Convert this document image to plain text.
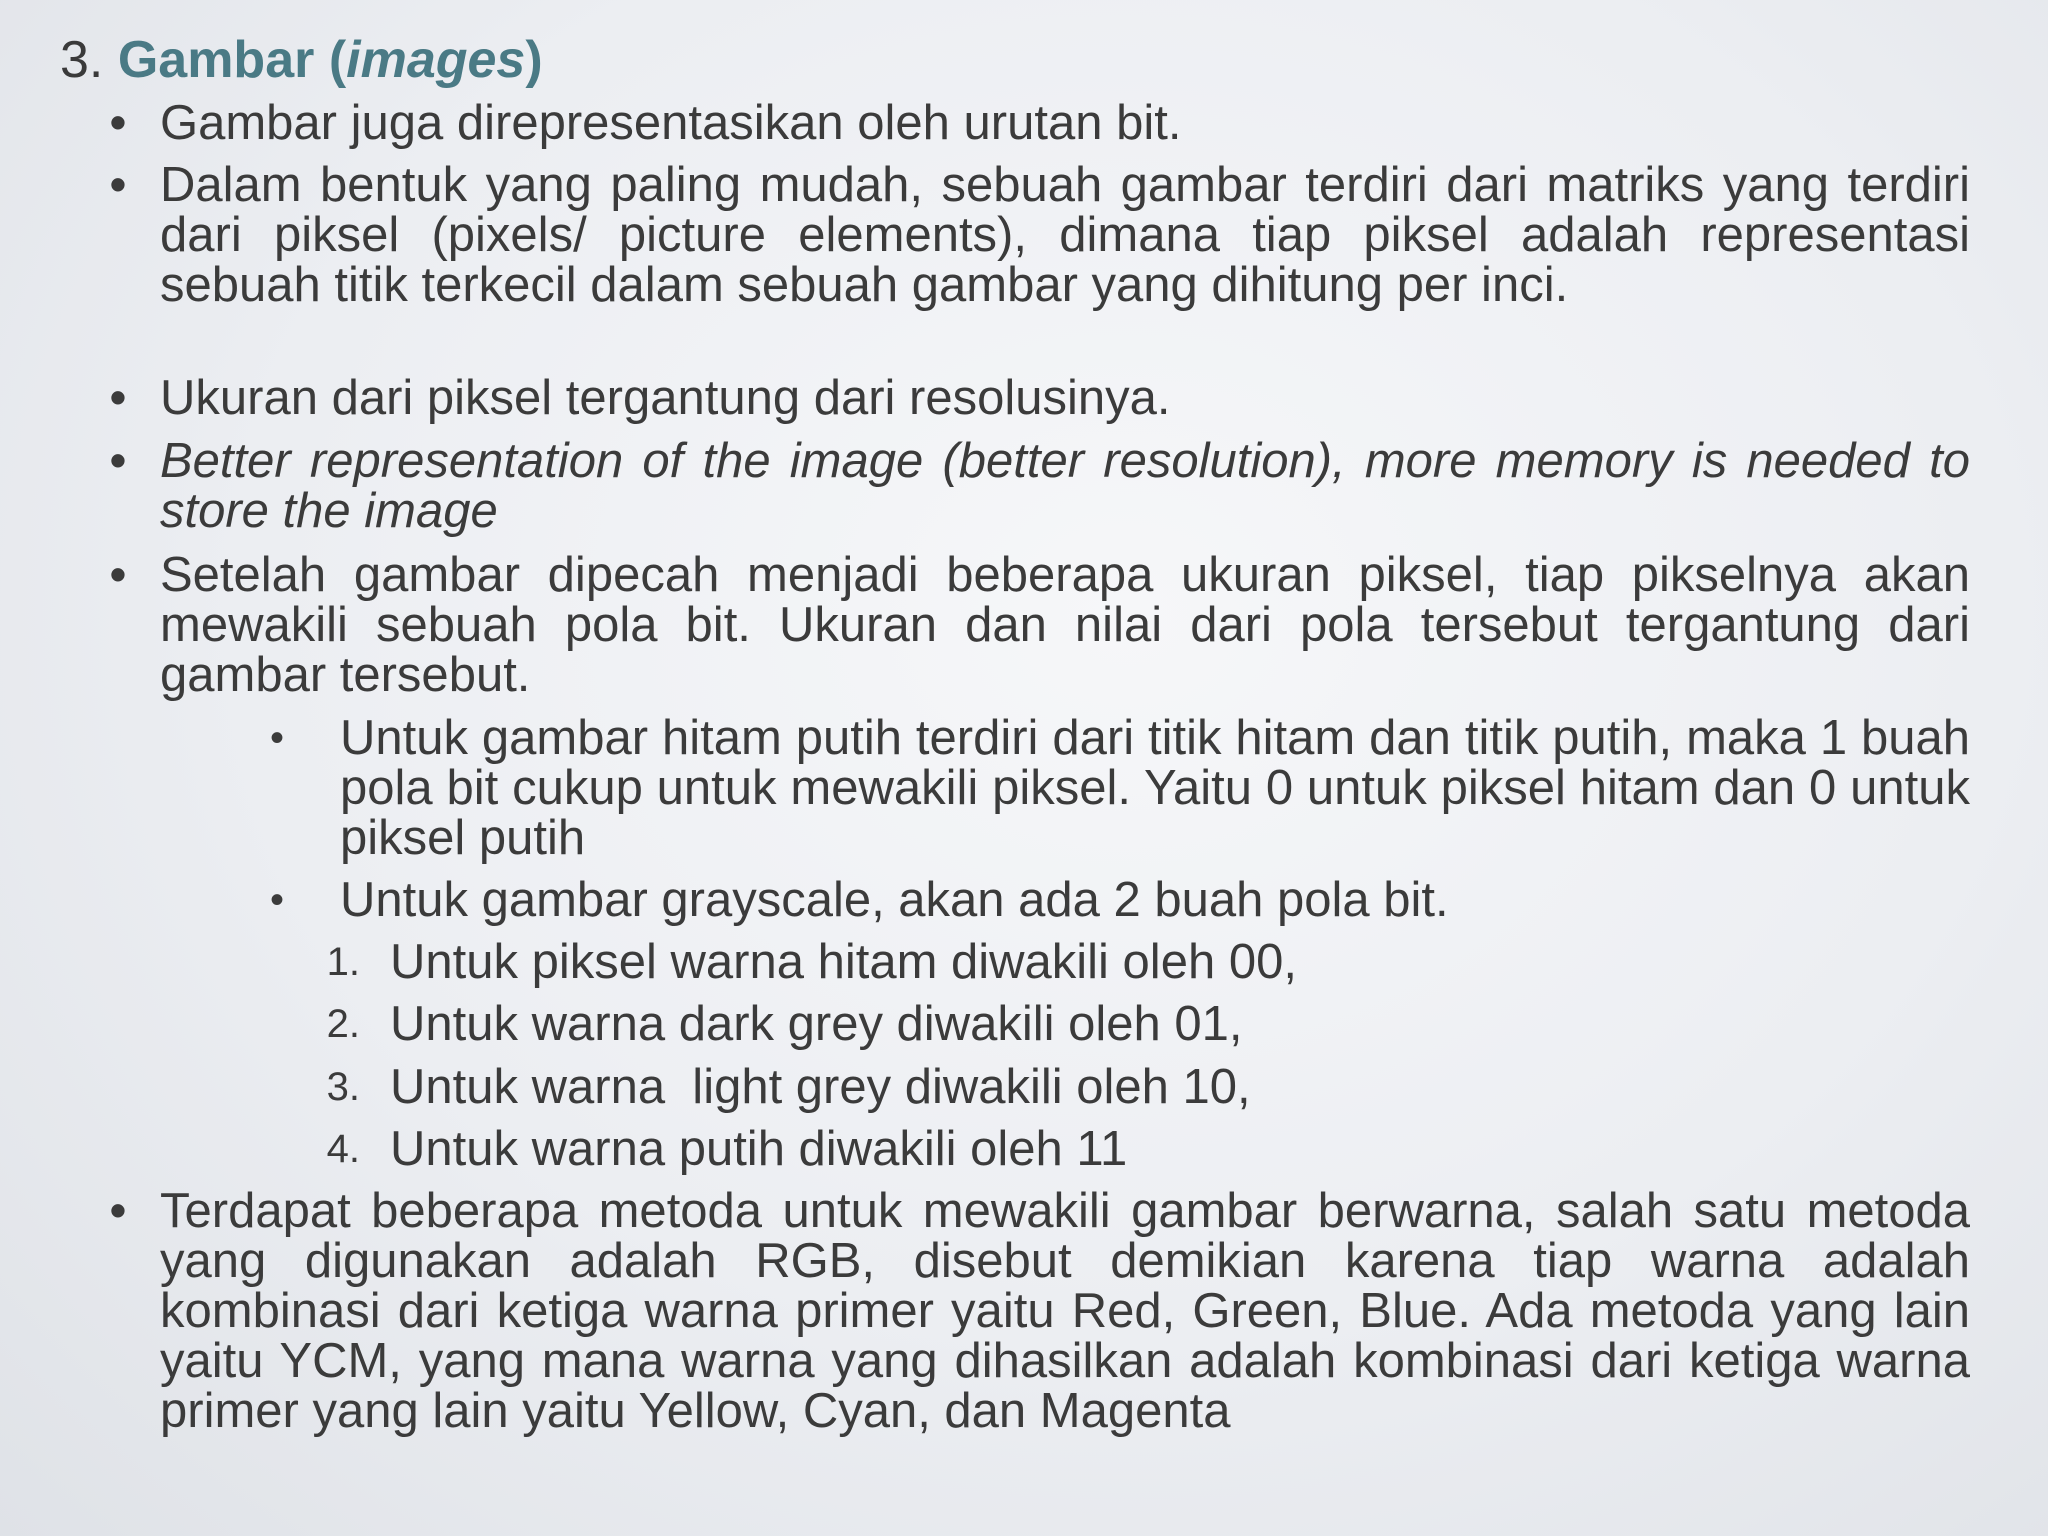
3. Gambar (images)
• Gambar juga direpresentasikan oleh urutan bit.
• Dalam bentuk yang paling mudah, sebuah gambar terdiri dari matriks yang terdiri dari piksel (pixels/ picture elements), dimana tiap piksel adalah representasi sebuah titik terkecil dalam sebuah gambar yang dihitung per inci.
• Ukuran dari piksel tergantung dari resolusinya.
• Better representation of the image (better resolution), more memory is needed to store the image
• Setelah gambar dipecah menjadi beberapa ukuran piksel, tiap pikselnya akan mewakili sebuah pola bit. Ukuran dan nilai dari pola tersebut tergantung dari gambar tersebut.
• Untuk gambar hitam putih terdiri dari titik hitam dan titik putih, maka 1 buah pola bit cukup untuk mewakili piksel. Yaitu 0 untuk piksel hitam dan 0 untuk piksel putih
• Untuk gambar grayscale, akan ada 2 buah pola bit.
1. Untuk piksel warna hitam diwakili oleh 00,
2. Untuk warna dark grey diwakili oleh 01,
3. Untuk warna  light grey diwakili oleh 10,
4. Untuk warna putih diwakili oleh 11
• Terdapat beberapa metoda untuk mewakili gambar berwarna, salah satu metoda yang digunakan adalah RGB, disebut demikian karena tiap warna adalah kombinasi dari ketiga warna primer yaitu Red, Green, Blue. Ada metoda yang lain yaitu YCM, yang mana warna yang dihasilkan adalah kombinasi dari ketiga warna primer yang lain yaitu Yellow, Cyan, dan Magenta
